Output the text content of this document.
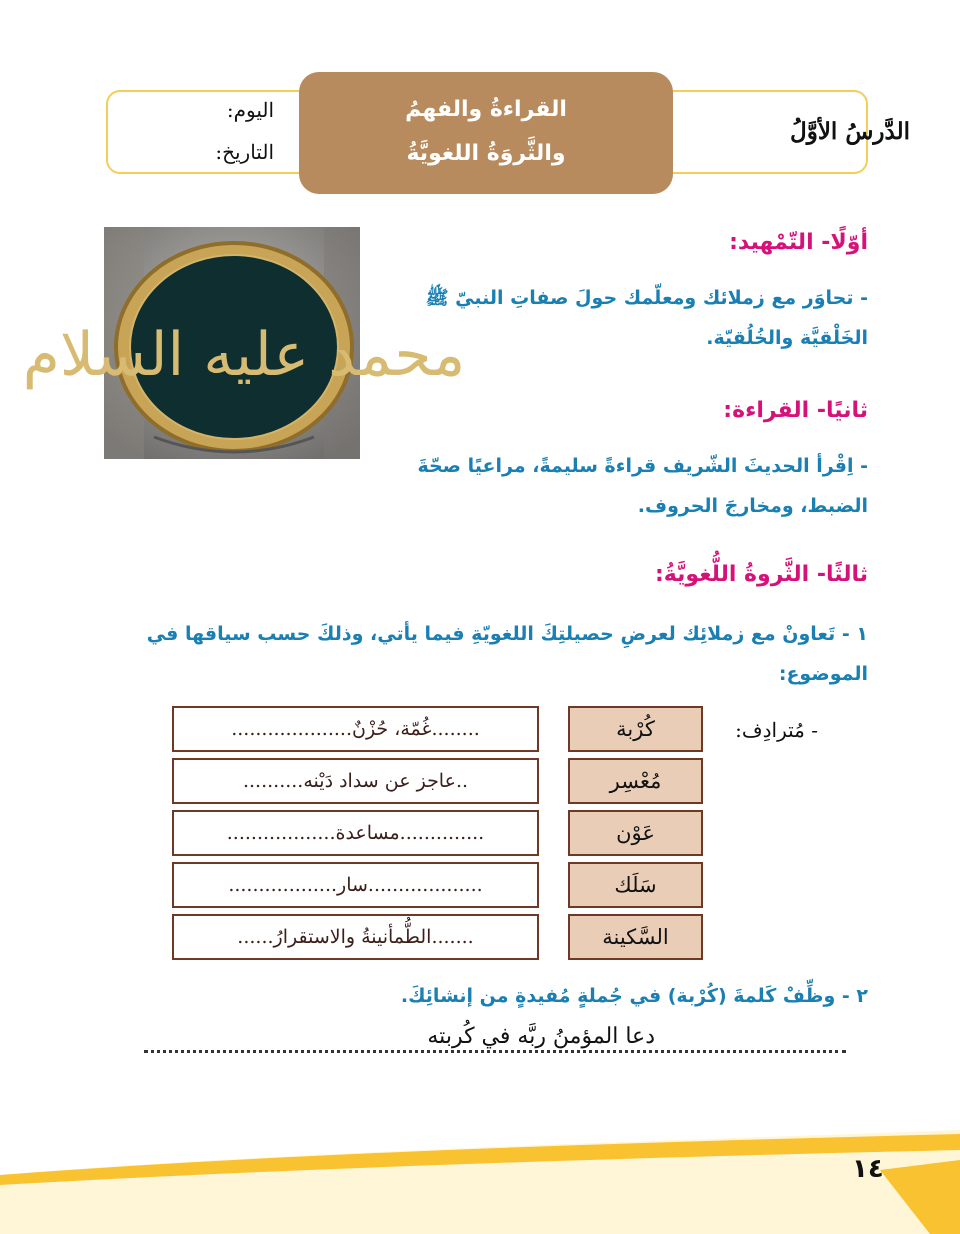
القراءةُ والفهمُ
والثَّروَةُ اللغويَّةُ
الدَّرسُ الأوَّلُ
اليوم:
التاريخ:
محمد عليه السلام
أوّلًا- التّمْهيد:
- تحاوَر مع زملائك ومعلّمك حولَ صفاتِ النبيّ ﷺ
الخَلْقيَّة والخُلُقيّة.
ثانيًا- القراءة:
- اِقْرأ الحديثَ الشّريف قراءةً سليمةً، مراعيًا صحّةَ
الضبط، ومخارجَ الحروف.
ثالثًا- الثَّروةُ اللُّغويَّةُ:
١ - تَعاونْ مع زملائِك لعرضِ حصيلتِكَ اللغويّةِ فيما يأتي، وذلكَ حسب سياقها في
الموضوع:
- مُترادِف:
كُرْبة
........غُمّة، حُزْنٌ....................
مُعْسِر
..عاجز عن سداد دَيْنه..........
عَوْن
..............مساعدة..................
سَلَك
...................سار..................
السَّكينة
.......الطُّمأنينةُ والاستقرارُ......
٢ - وظِّفْ كَلمةَ (كُرْبة) في جُملةٍ مُفيدةٍ من إنشائِكَ.
دعا المؤمنُ ربَّه في كُربته
١٤
